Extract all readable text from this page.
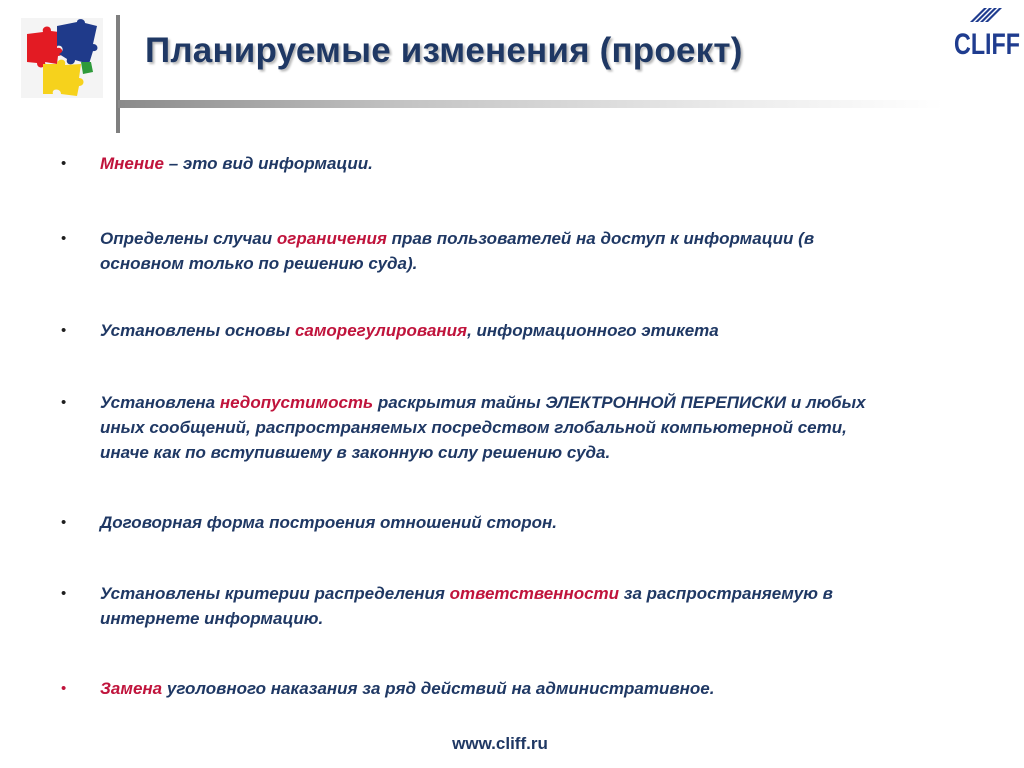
Планируемые изменения (проект)	CLIFF
• Мнение – это вид информации.
• Определены случаи ограничения прав пользователей на доступ к информации (в
основном только по решению суда).
• Установлены основы саморегулирования, информационного этикета
• Установлена недопустимость раскрытия тайны ЭЛЕКТРОННОЙ ПЕРЕПИСКИ и любых
иных сообщений, распространяемых посредством глобальной компьютерной сети,
иначе как по вступившему в законную силу решению суда.
• Договорная форма построения отношений сторон.
• Установлены критерии распределения ответственности за распространяемую в
интернете информацию.
• Замена уголовного наказания за ряд действий на административное.
www.cliff.ru
